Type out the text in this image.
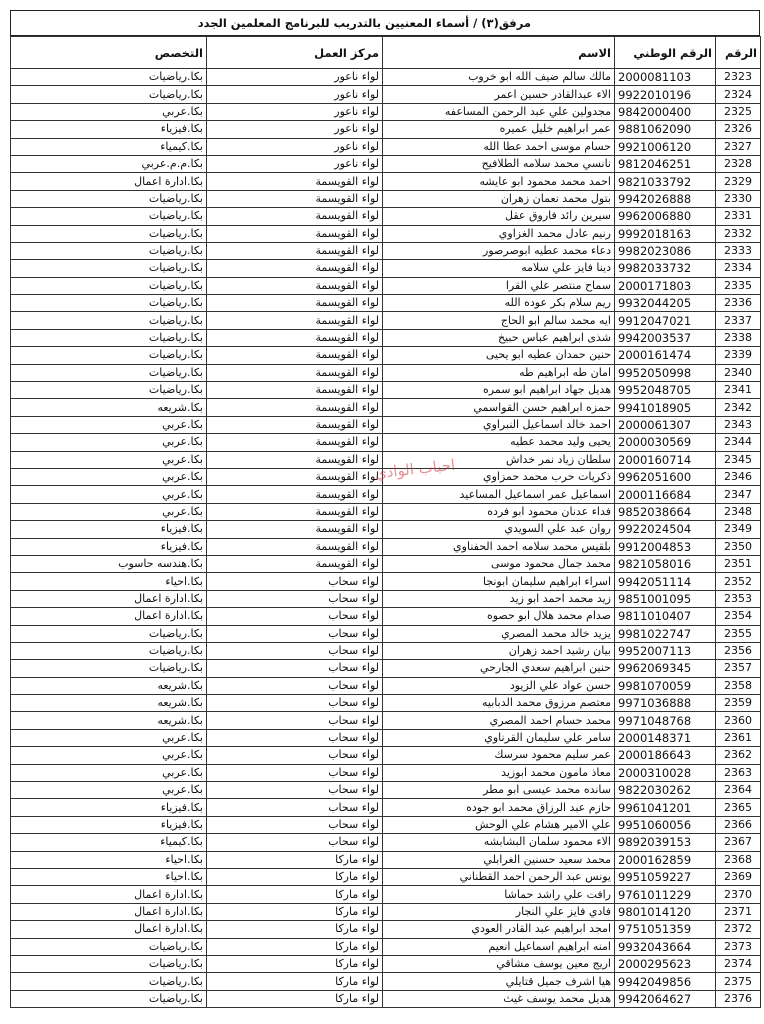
مرفق(٣) / أسماء المعنيين بالتدريب للبرنامج المعلمين الجدد
الرقم	الرقم الوطني	الاسم	مركز العمل	التخصص
2323	2000081103	مالك سالم ضيف الله ابو خروب	لواء ناعور	بكا.رياضيات
2324	9922010196	الاء عبدالقادر حسين اعمر	لواء ناعور	بكا.رياضيات
2325	9842000400	مجدولين علي عبد الرحمن المساعفه	لواء ناعور	بكا.عربي
2326	9881062090	عمر ابراهيم خليل عميره	لواء ناعور	بكا.فيزياء
2327	9921006120	حسام موسى احمد عطا الله	لواء ناعور	بكا.كيمياء
2328	9812046251	نانسي محمد سلامه الطلافيح	لواء ناعور	بكا.م.م.عربي
2329	9821033792	احمد محمد محمود ابو عايشه	لواء القويسمة	بكا.ادارة اعمال
2330	9942026888	بتول محمد نعمان زهران	لواء القويسمة	بكا.رياضيات
2331	9962006880	سيرين رائد فاروق عقل	لواء القويسمة	بكا.رياضيات
2332	9992018163	رنيم عادل محمد الغزاوي	لواء القويسمة	بكا.رياضيات
2333	9982023086	دعاء محمد عطيه ابوصرصور	لواء القويسمة	بكا.رياضيات
2334	9982033732	دينا فايز علي سلامه	لواء القويسمة	بكا.رياضيات
2335	2000171803	سماح منتصر علي القرا	لواء القويسمة	بكا.رياضيات
2336	9932044205	ريم سلام بكر عوده الله	لواء القويسمة	بكا.رياضيات
2337	9912047021	ايه محمد سالم ابو الحاج	لواء القويسمة	بكا.رياضيات
2338	9942003537	شذى ابراهيم عباس حبيخ	لواء القويسمة	بكا.رياضيات
2339	2000161474	حنين حمدان عطيه ابو يحيى	لواء القويسمة	بكا.رياضيات
2340	9952050998	امان طه ابراهيم طه	لواء القويسمة	بكا.رياضيات
2341	9952048705	هديل جهاد ابراهيم ابو سمره	لواء القويسمة	بكا.رياضيات
2342	9941018905	حمزه ابراهيم حسن القواسمي	لواء القويسمة	بكا.شريعه
2343	2000061307	احمد خالد اسماعيل النبراوي	لواء القويسمة	بكا.عربي
2344	2000030569	يحيى وليد محمد عطيه	لواء القويسمة	بكا.عربي
2345	2000160714	سلطان زياد نمر خداش	لواء القويسمة	بكا.عربي
2346	9962051600	ذكريات حرب محمد حمزاوي	لواء القويسمة	بكا.عربي
2347	2000116684	اسماعيل عمر اسماعيل المساعيد	لواء القويسمة	بكا.عربي
2348	9852038664	فداء عدنان محمود ابو فرده	لواء القويسمة	بكا.عربي
2349	9922024504	روان عبد علي السويدي	لواء القويسمة	بكا.فيزياء
2350	9912004853	بلقيس محمد سلامه احمد الحفناوي	لواء القويسمة	بكا.فيزياء
2351	9821058016	محمد جمال محمود موسى	لواء القويسمة	بكا.هندسه حاسوب
2352	9942051114	اسراء ابراهيم سليمان ابونجا	لواء سحاب	بكا.احياء
2353	9851001095	زيد محمد احمد ابو زيد	لواء سحاب	بكا.ادارة اعمال
2354	9811010407	صدام محمد هلال ابو حصوه	لواء سحاب	بكا.ادارة اعمال
2355	9981022747	يزيد خالد محمد المصري	لواء سحاب	بكا.رياضيات
2356	9952007113	بيان رشيد احمد زهران	لواء سحاب	بكا.رياضيات
2357	9962069345	حنين ابراهيم سعدي الجارحي	لواء سحاب	بكا.رياضيات
2358	9981070059	حسن عواد علي الزيود	لواء سحاب	بكا.شريعه
2359	9971036888	معتصم مرزوق محمد الدبابيه	لواء سحاب	بكا.شريعه
2360	9971048768	محمد حسام احمد المصري	لواء سحاب	بكا.شريعه
2361	2000148371	سامر علي سليمان القرناوي	لواء سحاب	بكا.عربي
2362	2000186643	عمر سليم محمود سرسك	لواء سحاب	بكا.عربي
2363	2000310028	معاذ مامون محمد ابوزيد	لواء سحاب	بكا.عربي
2364	9822030262	سانده محمد عيسى ابو مطر	لواء سحاب	بكا.عربي
2365	9961041201	حازم عبد الرزاق محمد ابو جوده	لواء سحاب	بكا.فيزياء
2366	9951060056	علي الامير هشام علي الوحش	لواء سحاب	بكا.فيزياء
2367	9892039153	الاء محمود سلمان البشابشه	لواء سحاب	بكا.كيمياء
2368	2000162859	محمد سعيد حسنين الغرابلي	لواء ماركا	بكا.احياء
2369	9951059227	يونس عبد الرحمن احمد القطناني	لواء ماركا	بكا.احياء
2370	9761011229	رافت علي راشد حماشا	لواء ماركا	بكا.ادارة اعمال
2371	9801014120	فادي فايز علي النجار	لواء ماركا	بكا.ادارة اعمال
2372	9751051359	امجد ابراهيم عبد القادر العودي	لواء ماركا	بكا.ادارة اعمال
2373	9932043664	امنه ابراهيم اسماعيل انعيم	لواء ماركا	بكا.رياضيات
2374	2000295623	اريج معين يوسف مشاقي	لواء ماركا	بكا.رياضيات
2375	9942049856	هيا اشرف جميل قتايلي	لواء ماركا	بكا.رياضيات
2376	9942064627	هديل محمد يوسف غيث	لواء ماركا	بكا.رياضيات
احباب الوادي
